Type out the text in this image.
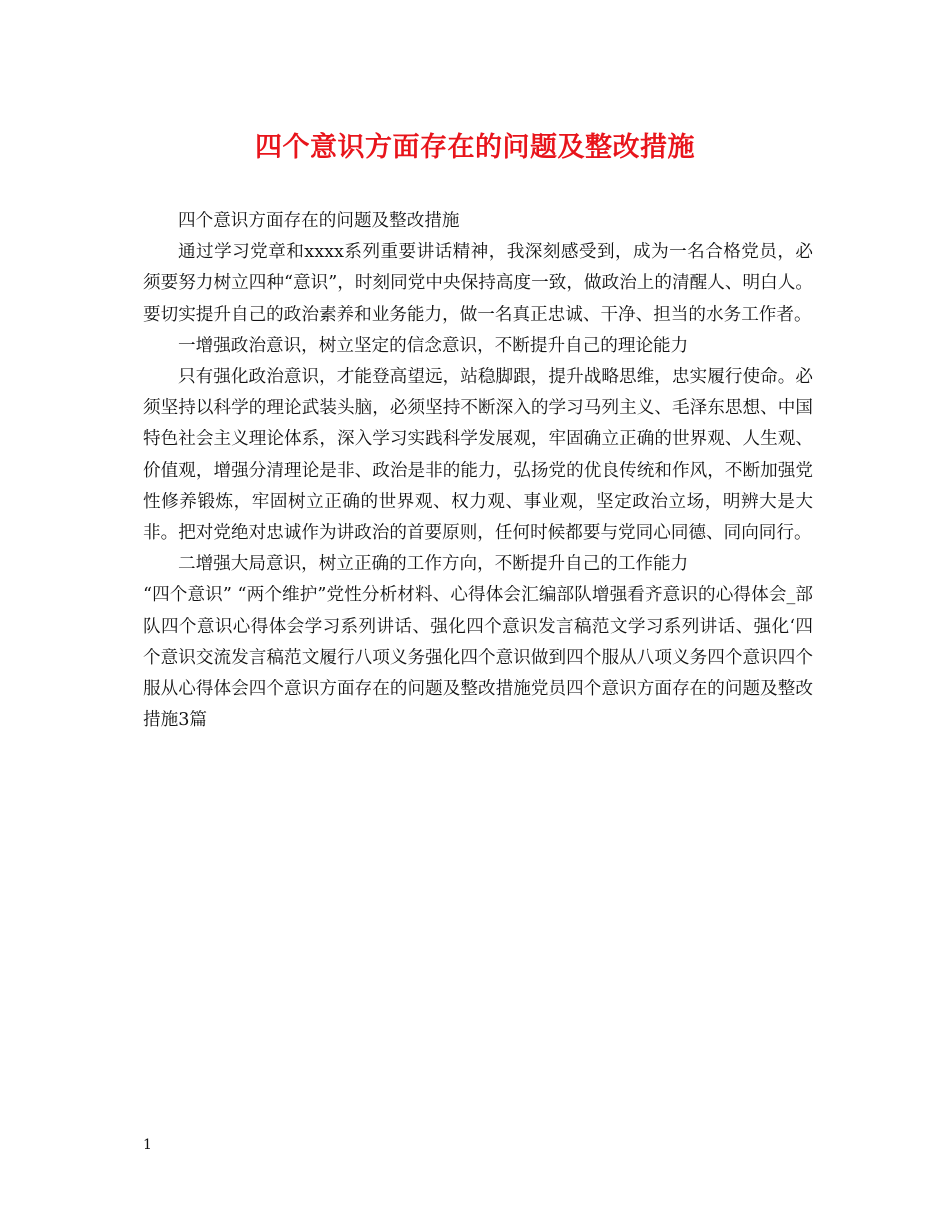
四个意识方面存在的问题及整改措施

四个意识方面存在的问题及整改措施

通过学习党章和xxxx系列重要讲话精神，我深刻感受到，成为一名合格党员，必须要努力树立四种“意识”，时刻同党中央保持高度一致，做政治上的清醒人、明白人。要切实提升自己的政治素养和业务能力，做一名真正忠诚、干净、担当的水务工作者。

一增强政治意识，树立坚定的信念意识，不断提升自己的理论能力

只有强化政治意识，才能登高望远，站稳脚跟，提升战略思维，忠实履行使命。必须坚持以科学的理论武装头脑，必须坚持不断深入的学习马列主义、毛泽东思想、中国特色社会主义理论体系，深入学习实践科学发展观，牢固确立正确的世界观、人生观、价值观，增强分清理论是非、政治是非的能力，弘扬党的优良传统和作风，不断加强党性修养锻炼，牢固树立正确的世界观、权力观、事业观，坚定政治立场，明辨大是大非。把对党绝对忠诚作为讲政治的首要原则，任何时候都要与党同心同德、同向同行。

二增强大局意识，树立正确的工作方向，不断提升自己的工作能力

“四个意识” “两个维护”党性分析材料、心得体会汇编部队增强看齐意识的心得体会_部队四个意识心得体会学习系列讲话、强化四个意识发言稿范文学习系列讲话、强化‘四个意识交流发言稿范文履行八项义务强化四个意识做到四个服从八项义务四个意识四个服从心得体会四个意识方面存在的问题及整改措施党员四个意识方面存在的问题及整改措施3篇

1
